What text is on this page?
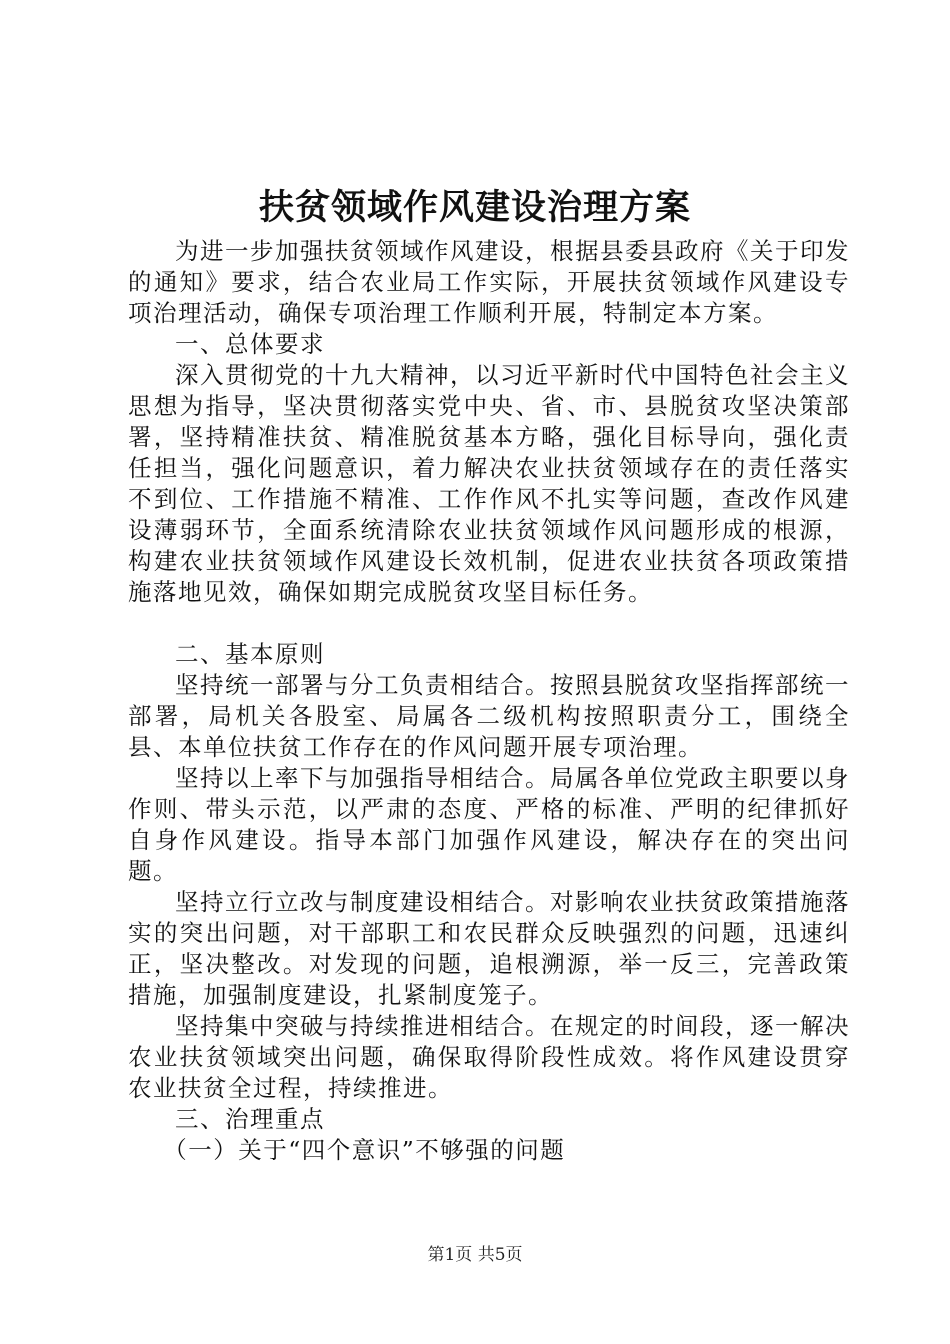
扶贫领域作风建设治理方案

为进一步加强扶贫领域作风建设，根据县委县政府《关于印发的通知》要求，结合农业局工作实际，开展扶贫领域作风建设专项治理活动，确保专项治理工作顺利开展，特制定本方案。

一、总体要求

深入贯彻党的十九大精神，以习近平新时代中国特色社会主义思想为指导，坚决贯彻落实党中央、省、市、县脱贫攻坚决策部署，坚持精准扶贫、精准脱贫基本方略，强化目标导向，强化责任担当，强化问题意识，着力解决农业扶贫领域存在的责任落实不到位、工作措施不精准、工作作风不扎实等问题，查改作风建设薄弱环节，全面系统清除农业扶贫领域作风问题形成的根源，构建农业扶贫领域作风建设长效机制，促进农业扶贫各项政策措施落地见效，确保如期完成脱贫攻坚目标任务。

二、基本原则

坚持统一部署与分工负责相结合。按照县脱贫攻坚指挥部统一部署，局机关各股室、局属各二级机构按照职责分工，围绕全县、本单位扶贫工作存在的作风问题开展专项治理。

坚持以上率下与加强指导相结合。局属各单位党政主职要以身作则、带头示范，以严肃的态度、严格的标准、严明的纪律抓好自身作风建设。指导本部门加强作风建设，解决存在的突出问题。

坚持立行立改与制度建设相结合。对影响农业扶贫政策措施落实的突出问题，对干部职工和农民群众反映强烈的问题，迅速纠正，坚决整改。对发现的问题，追根溯源，举一反三，完善政策措施，加强制度建设，扎紧制度笼子。

坚持集中突破与持续推进相结合。在规定的时间段，逐一解决农业扶贫领域突出问题，确保取得阶段性成效。将作风建设贯穿农业扶贫全过程，持续推进。

三、治理重点

（一）关于“四个意识”不够强的问题

第1页 共5页
